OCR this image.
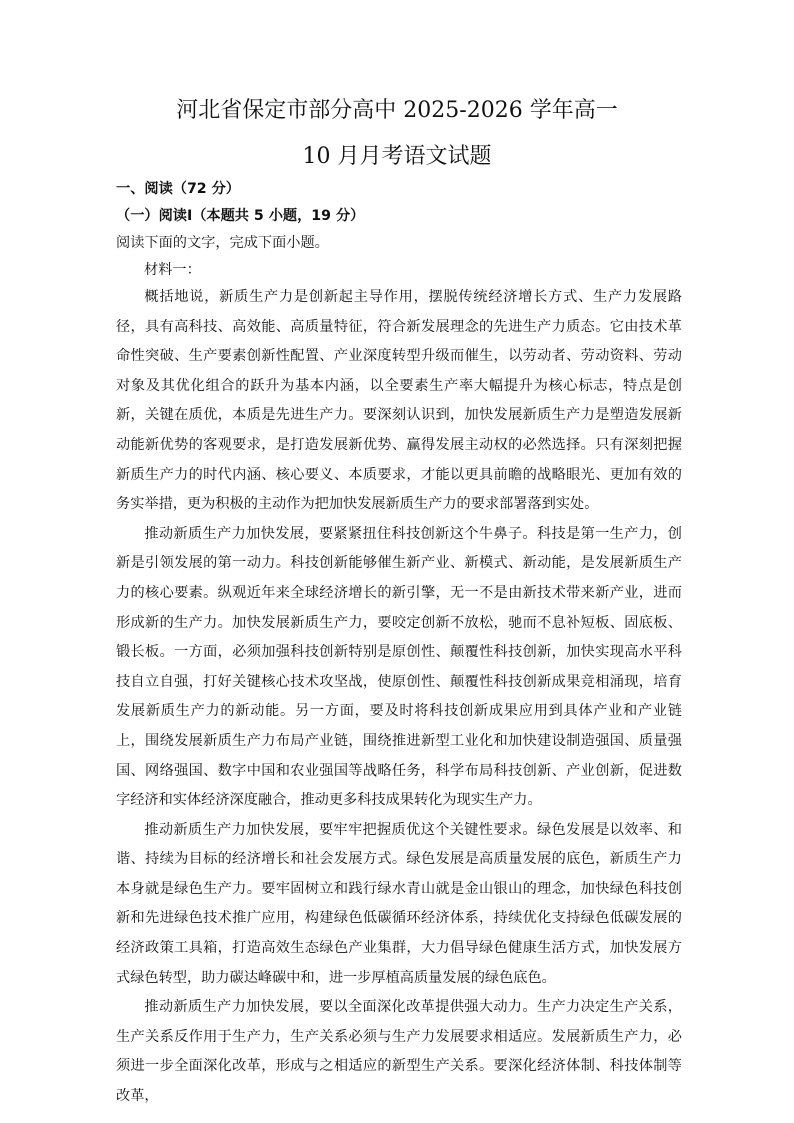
河北省保定市部分高中 2025-2026 学年高一
10 月月考语文试题
一、阅读（72 分）
（一）阅读Ⅰ（本题共 5 小题，19 分）
阅读下面的文字，完成下面小题。
材料一：

概括地说，新质生产力是创新起主导作用，摆脱传统经济增长方式、生产力发展路径，具有高科技、高效能、高质量特征，符合新发展理念的先进生产力质态。它由技术革命性突破、生产要素创新性配置、产业深度转型升级而催生，以劳动者、劳动资料、劳动对象及其优化组合的跃升为基本内涵，以全要素生产率大幅提升为核心标志，特点是创新，关键在质优，本质是先进生产力。要深刻认识到，加快发展新质生产力是塑造发展新动能新优势的客观要求，是打造发展新优势、赢得发展主动权的必然选择。只有深刻把握新质生产力的时代内涵、核心要义、本质要求，才能以更具前瞻的战略眼光、更加有效的务实举措，更为积极的主动作为把加快发展新质生产力的要求部署落到实处。

推动新质生产力加快发展，要紧紧扭住科技创新这个牛鼻子。科技是第一生产力，创新是引领发展的第一动力。科技创新能够催生新产业、新模式、新动能，是发展新质生产力的核心要素。纵观近年来全球经济增长的新引擎，无一不是由新技术带来新产业，进而形成新的生产力。加快发展新质生产力，要咬定创新不放松，驰而不息补短板、固底板、锻长板。一方面，必须加强科技创新特别是原创性、颠覆性科技创新，加快实现高水平科技自立自强，打好关键核心技术攻坚战，使原创性、颠覆性科技创新成果竞相涌现，培育发展新质生产力的新动能。另一方面，要及时将科技创新成果应用到具体产业和产业链上，围绕发展新质生产力布局产业链，围绕推进新型工业化和加快建设制造强国、质量强国、网络强国、数字中国和农业强国等战略任务，科学布局科技创新、产业创新，促进数字经济和实体经济深度融合，推动更多科技成果转化为现实生产力。

推动新质生产力加快发展，要牢牢把握质优这个关键性要求。绿色发展是以效率、和谐、持续为目标的经济增长和社会发展方式。绿色发展是高质量发展的底色，新质生产力本身就是绿色生产力。要牢固树立和践行绿水青山就是金山银山的理念，加快绿色科技创新和先进绿色技术推广应用，构建绿色低碳循环经济体系，持续优化支持绿色低碳发展的经济政策工具箱，打造高效生态绿色产业集群，大力倡导绿色健康生活方式，加快发展方式绿色转型，助力碳达峰碳中和，进一步厚植高质量发展的绿色底色。

推动新质生产力加快发展，要以全面深化改革提供强大动力。生产力决定生产关系，生产关系反作用于生产力，生产关系必须与生产力发展要求相适应。发展新质生产力，必须进一步全面深化改革，形成与之相适应的新型生产关系。要深化经济体制、科技体制等改革，
